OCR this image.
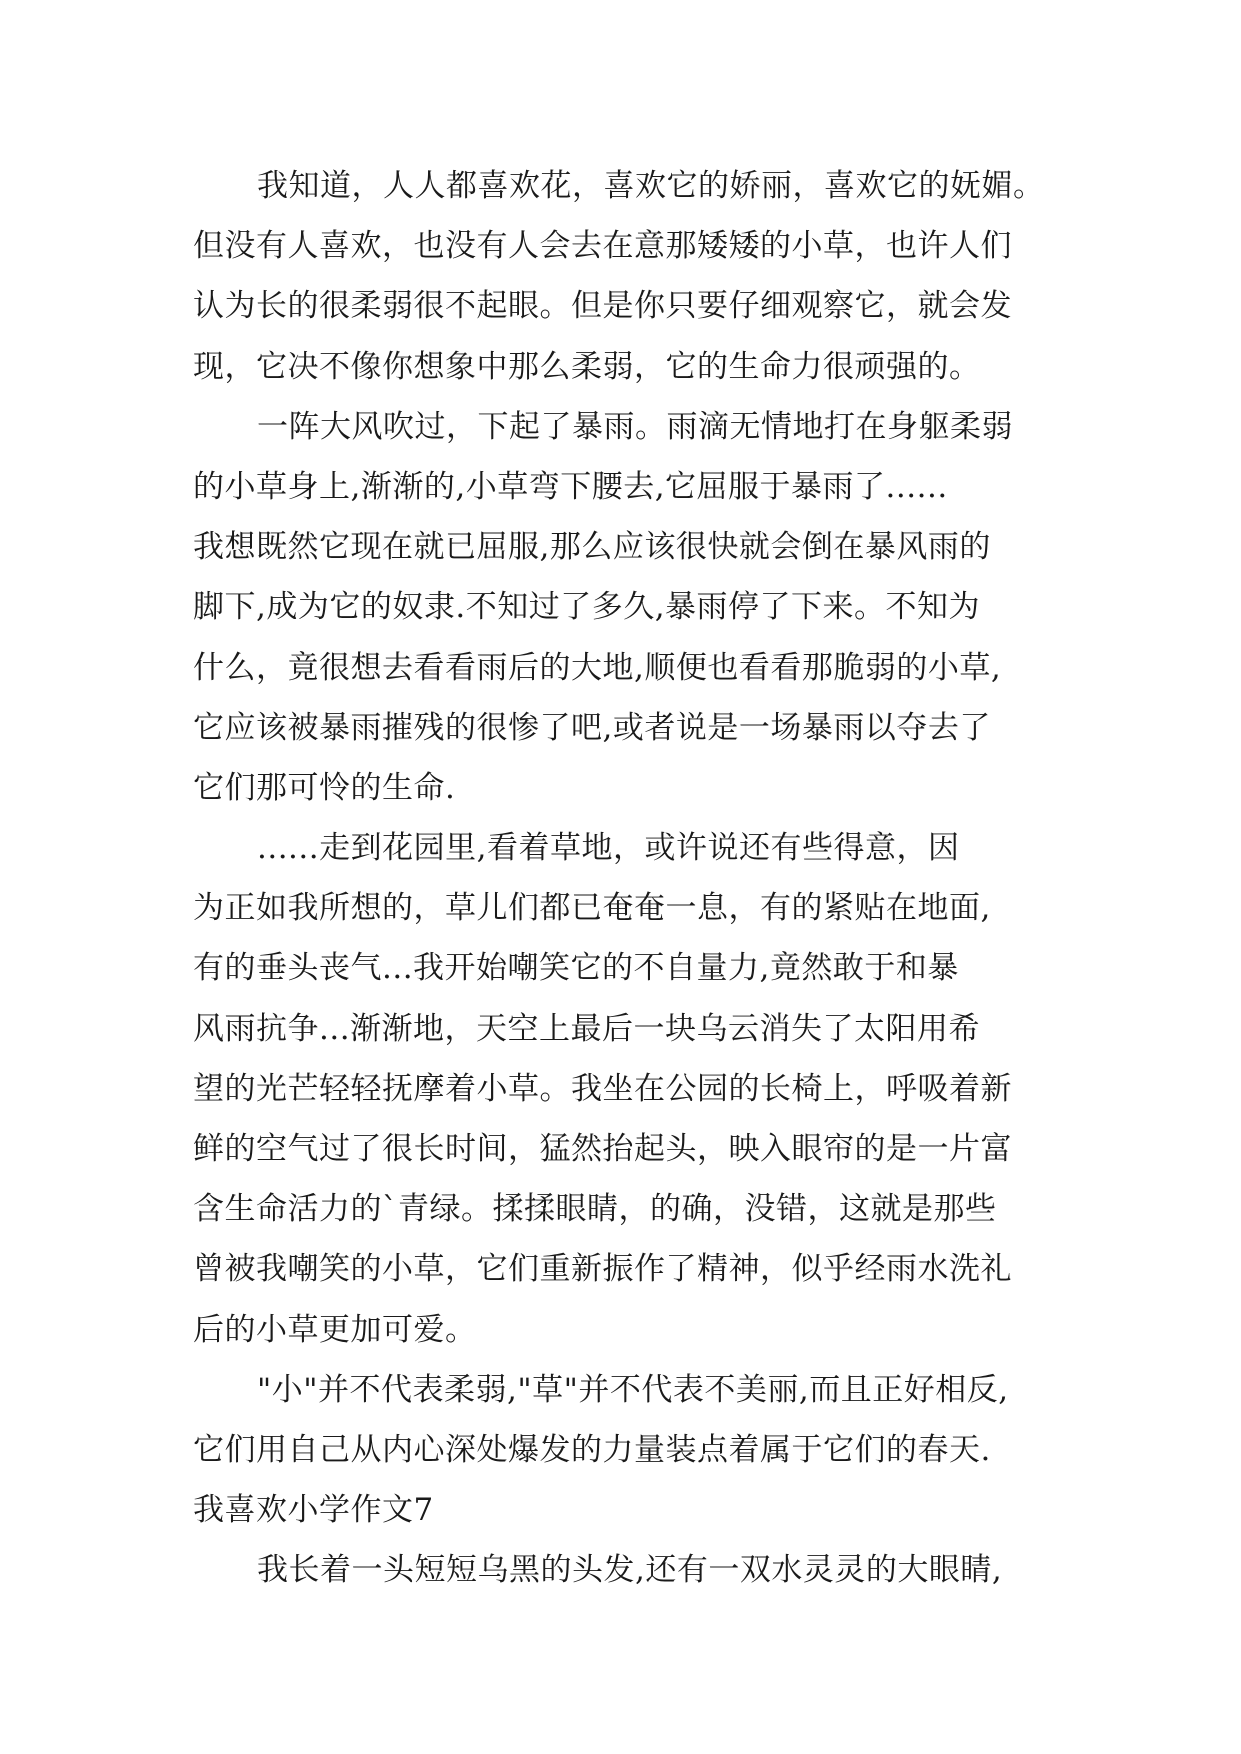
我知道，人人都喜欢花，喜欢它的娇丽，喜欢它的妩媚。
但没有人喜欢，也没有人会去在意那矮矮的小草，也许人们
认为长的很柔弱很不起眼。但是你只要仔细观察它，就会发
现，它决不像你想象中那么柔弱，它的生命力很顽强的。
一阵大风吹过，下起了暴雨。雨滴无情地打在身躯柔弱
的小草身上,渐渐的,小草弯下腰去,它屈服于暴雨了......
我想既然它现在就已屈服,那么应该很快就会倒在暴风雨的
脚下,成为它的奴隶.不知过了多久,暴雨停了下来。不知为
什么，竟很想去看看雨后的大地,顺便也看看那脆弱的小草,
它应该被暴雨摧残的很惨了吧,或者说是一场暴雨以夺去了
它们那可怜的生命.
......走到花园里,看着草地，或许说还有些得意，因
为正如我所想的，草儿们都已奄奄一息，有的紧贴在地面,
有的垂头丧气...我开始嘲笑它的不自量力,竟然敢于和暴
风雨抗争...渐渐地，天空上最后一块乌云消失了太阳用希
望的光芒轻轻抚摩着小草。我坐在公园的长椅上，呼吸着新
鲜的空气过了很长时间，猛然抬起头，映入眼帘的是一片富
含生命活力的`青绿。揉揉眼睛，的确，没错，这就是那些
曾被我嘲笑的小草，它们重新振作了精神，似乎经雨水洗礼
后的小草更加可爱。
"小"并不代表柔弱,"草"并不代表不美丽,而且正好相反,
它们用自己从内心深处爆发的力量装点着属于它们的春天.
我喜欢小学作文7
我长着一头短短乌黑的头发,还有一双水灵灵的大眼睛,
